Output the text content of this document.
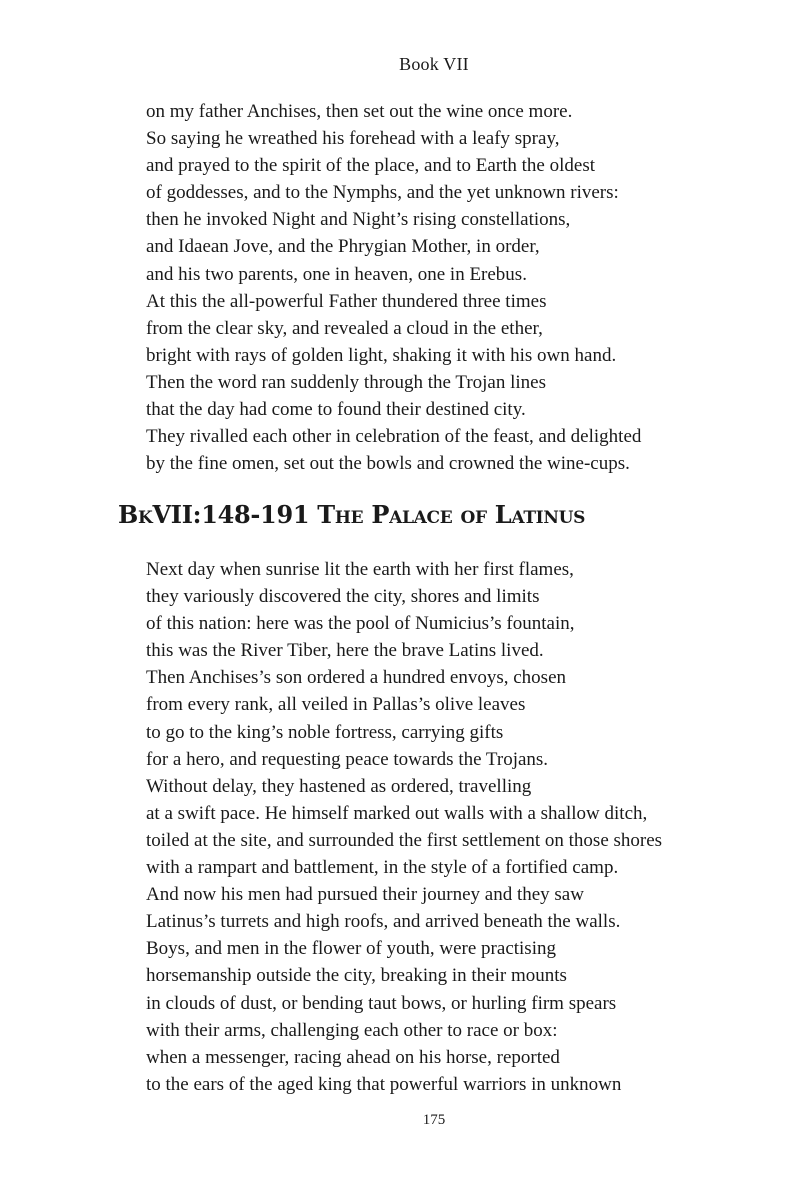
Book VII
on my father Anchises, then set out the wine once more.
So saying he wreathed his forehead with a leafy spray,
and prayed to the spirit of the place, and to Earth the oldest
of goddesses, and to the Nymphs, and the yet unknown rivers:
then he invoked Night and Night’s rising constellations,
and Idaean Jove, and the Phrygian Mother, in order,
and his two parents, one in heaven, one in Erebus.
At this the all-powerful Father thundered three times
from the clear sky, and revealed a cloud in the ether,
bright with rays of golden light, shaking it with his own hand.
Then the word ran suddenly through the Trojan lines
that the day had come to found their destined city.
They rivalled each other in celebration of the feast, and delighted
by the fine omen, set out the bowls and crowned the wine-cups.
BkVII:148-191 The Palace of Latinus
Next day when sunrise lit the earth with her first flames,
they variously discovered the city, shores and limits
of this nation: here was the pool of Numicius’s fountain,
this was the River Tiber, here the brave Latins lived.
Then Anchises’s son ordered a hundred envoys, chosen
from every rank, all veiled in Pallas’s olive leaves
to go to the king’s noble fortress, carrying gifts
for a hero, and requesting peace towards the Trojans.
Without delay, they hastened as ordered, travelling
at a swift pace. He himself marked out walls with a shallow ditch,
toiled at the site, and surrounded the first settlement on those shores
with a rampart and battlement, in the style of a fortified camp.
And now his men had pursued their journey and they saw
Latinus’s turrets and high roofs, and arrived beneath the walls.
Boys, and men in the flower of youth, were practising
horsemanship outside the city, breaking in their mounts
in clouds of dust, or bending taut bows, or hurling firm spears
with their arms, challenging each other to race or box:
when a messenger, racing ahead on his horse, reported
to the ears of the aged king that powerful warriors in unknown
175
